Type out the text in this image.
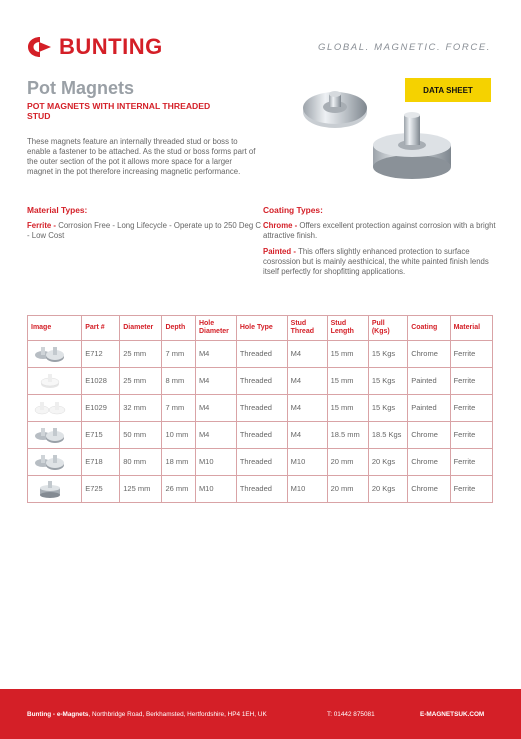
BUNTING	GLOBAL. MAGNETIC. FORCE.
Pot Magnets
POT MAGNETS WITH INTERNAL THREADED STUD
These magnets feature an internally threaded stud or boss to enable a fastener to be attached. As the stud or boss forms part of the outer section of the pot it allows more space for a larger magnet in the pot therefore increasing magnetic performance.
DATA SHEET
Material Types:
Ferrite - Corrosion Free - Long Lifecycle - Operate up to 250 Deg C - Low Cost
Coating Types:
Chrome - Offers excellent protection against corrosion with a bright attractive finish.
Painted - This offers slightly enhanced protection to surface cosrossion but is mainly aesthicical, the white painted finish lends itself perfectly for shopfitting applications.
Image	Part #	Diameter	Depth	Hole Diameter	Hole Type	Stud Thread	Stud Length	Pull (Kgs)	Coating	Material

	E712	25 mm	7 mm	M4	Threaded	M4	15 mm	15 Kgs	Chrome	Ferrite

	E1028	25 mm	8 mm	M4	Threaded	M4	15 mm	15 Kgs	Painted	Ferrite

	E1029	32 mm	7 mm	M4	Threaded	M4	15 mm	15 Kgs	Painted	Ferrite

	E715	50 mm	10 mm	M4	Threaded	M4	18.5 mm	18.5 Kgs	Chrome	Ferrite

	E718	80 mm	18 mm	M10	Threaded	M10	20 mm	20 Kgs	Chrome	Ferrite

	E725	125 mm	26 mm	M10	Threaded	M10	20 mm	20 Kgs	Chrome	Ferrite
Bunting - e-Magnets, Northbridge Road, Berkhamsted, Hertfordshire, HP4 1EH, UK	T: 01442 875081	E-MAGNETSUK.COM
